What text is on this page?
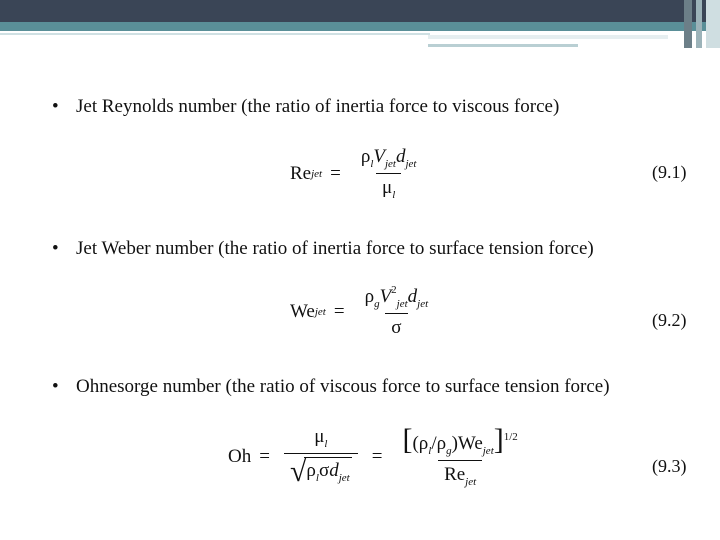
• Jet Reynolds number (the ratio of inertia force to viscous force)
Re jet = $\frac{\rho_lV_{jet}d_{jet}}{\mu_l}$	(9.1)
• Jet Weber number (the ratio of inertia force to surface tension force)
We jet = $\frac{\rho_gV^2_{jet}d_{jet}}{\sigma}$	(9.2)
• Ohnesorge number (the ratio of viscous force to surface tension force)
$Oh = \frac{\mu_l}{√ \rho_l\sigma d_{jet}} = \frac{[(\rho_l/\rho_g)We_{jet}]^{1/2}}{Re_{jet}}$	(9.3)
